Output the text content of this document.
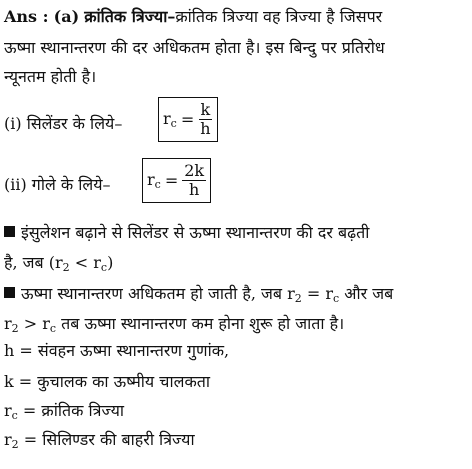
Ans : (a) क्रांतिक त्रिज्या–क्रांतिक त्रिज्या वह त्रिज्या है जिसपर
ऊष्मा स्थानान्तरण की दर अधिकतम होता है। इस बिन्दु पर प्रतिरोध
न्यूनतम होती है।
(i) सिलेंडर के लिये–	$r_c = \frac{k}{h}$
(ii) गोले के लिये– $r_c = \frac{2k}{h}$
इंसुलेशन बढ़ाने से सिलेंडर से ऊष्मा स्थानान्तरण की दर बढ़ती
है, जब $(r_2 < r_c)$
ऊष्मा स्थानान्तरण अधिकतम हो जाती है, जब $r_2 = r_c$ और जब
$r_2 > r_c$ तब ऊष्मा स्थानान्तरण कम होना शुरू हो जाता है।
h = संवहन ऊष्मा स्थानान्तरण गुणांक,
k = कुचालक का ऊष्मीय चालकता
$r_c$ = क्रांतिक त्रिज्या
$r_2$ = सिलिण्डर की बाहरी त्रिज्या
